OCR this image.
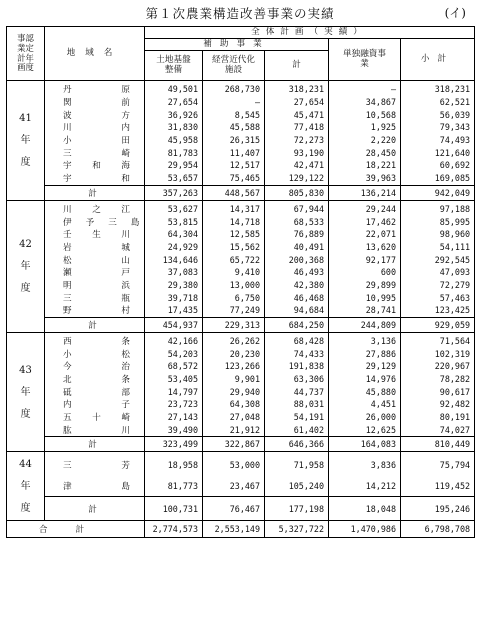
第１次農業構造改善事業の実績	(イ)
事認業定計年画度	地域名	全体計画（実績）				
		補助事業			単独融資事業	小計
		土地基盤整備	経営近代化施設	計		

41
年
度	丹 原	49,501	268,730	318,231	—	318,231

関 前	27,654	—	27,654	34,867	62,521

波 方	36,926	8,545	45,471	10,568	56,039

川 内	31,830	45,588	77,418	1,925	79,343

小 田	45,958	26,315	72,273	2,220	74,493

三 崎	81,783	11,407	93,190	28,450	121,640

宇 和 海	29,954	12,517	42,471	18,221	60,692

宇 和	53,657	75,465	129,122	39,963	169,085
	計	357,263	448,567	805,830	136,214	942,049

42
年
度	川 之 江	53,627	14,317	67,944	29,244	97,188

伊 予 三 島	53,815	14,718	68,533	17,462	85,995

壬 生 川	64,304	12,585	76,889	22,071	98,960

岩 城	24,929	15,562	40,491	13,620	54,111

松 山	134,646	65,722	200,368	92,177	292,545

瀬 戸	37,083	9,410	46,493	600	47,093

明 浜	29,380	13,000	42,380	29,899	72,279

三 瓶	39,718	6,750	46,468	10,995	57,463

野 村	17,435	77,249	94,684	28,741	123,425
	計	454,937	229,313	684,250	244,809	929,059

43
年
度	西 条	42,166	26,262	68,428	3,136	71,564

小 松	54,203	20,230	74,433	27,886	102,319

今 治	68,572	123,266	191,838	29,129	220,967

北 条	53,405	9,901	63,306	14,976	78,282

砥 部	14,797	29,940	44,737	45,880	90,617

内 子	23,723	64,308	88,031	4,451	92,482

五 十 崎	27,143	27,048	54,191	26,000	80,191

肱 川	39,490	21,912	61,402	12,625	74,027
	計	323,499	322,867	646,366	164,083	810,449

44
年
度	三 芳	18,958	53,000	71,958	3,836	75,794

津 島	81,773	23,467	105,240	14,212	119,452
	計	100,731	76,467	177,198	18,048	195,246
合計		2,774,573	2,553,149	5,327,722	1,470,986	6,798,708
